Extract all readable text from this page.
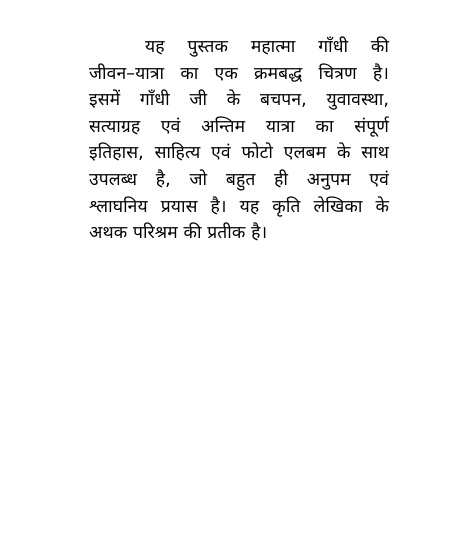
यह पुस्तक महात्मा गाँधी की
जीवन–यात्रा का एक क्रमबद्ध चित्रण है।
इसमें गाँधी जी के बचपन, युवावस्था,
सत्याग्रह एवं अन्तिम यात्रा का संपूर्ण
इतिहास, साहित्य एवं फोटो एलबम के साथ
उपलब्ध है, जो बहुत ही अनुपम एवं
श्लाघनिय प्रयास है। यह कृति लेखिका के
अथक परिश्रम की प्रतीक है।
